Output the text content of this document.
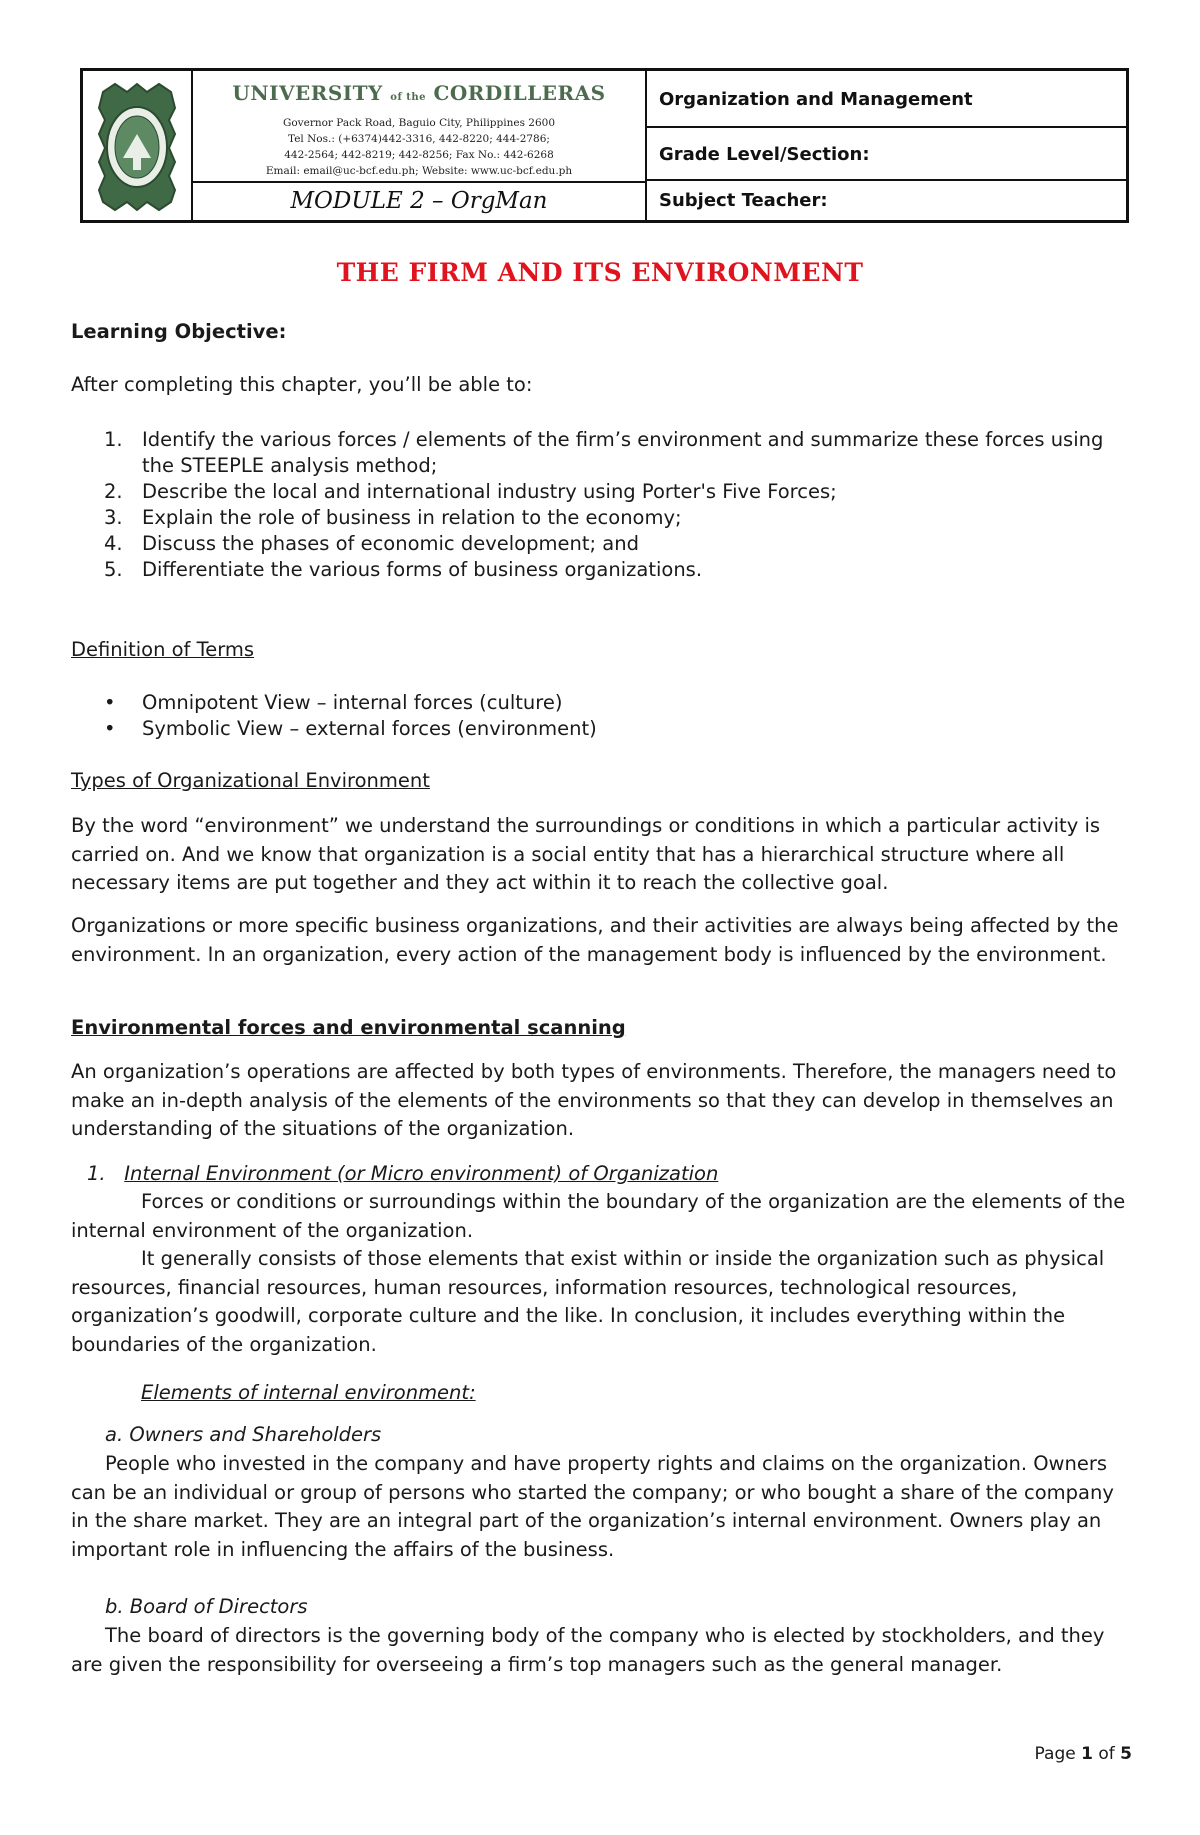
UNIVERSITY of the CORDILLERAS
Governor Pack Road, Baguio City, Philippines 2600
Tel Nos.: (+6374)442-3316, 442-8220; 444-2786;
442-2564; 442-8219; 442-8256; Fax No.: 442-6268
Email: email@uc-bcf.edu.ph; Website: www.uc-bcf.edu.ph
MODULE 2 – OrgMan
Organization and Management
Grade Level/Section:
Subject Teacher:
THE FIRM AND ITS ENVIRONMENT

Learning Objective:

After completing this chapter, you’ll be able to:

1. Identify the various forces / elements of the firm’s environment and summarize these forces using the STEEPLE analysis method;
2. Describe the local and international industry using Porter's Five Forces;
3. Explain the role of business in relation to the economy;
4. Discuss the phases of economic development; and
5. Differentiate the various forms of business organizations.

Definition of Terms

• Omnipotent View – internal forces (culture)
• Symbolic View – external forces (environment)

Types of Organizational Environment

By the word “environment” we understand the surroundings or conditions in which a particular activity is carried on. And we know that organization is a social entity that has a hierarchical structure where all necessary items are put together and they act within it to reach the collective goal.

Organizations or more specific business organizations, and their activities are always being affected by the environment. In an organization, every action of the management body is influenced by the environment.

Environmental forces and environmental scanning

An organization’s operations are affected by both types of environments. Therefore, the managers need to make an in-depth analysis of the elements of the environments so that they can develop in themselves an understanding of the situations of the organization.

1. Internal Environment (or Micro environment) of Organization

Forces or conditions or surroundings within the boundary of the organization are the elements of the internal environment of the organization.

It generally consists of those elements that exist within or inside the organization such as physical resources, financial resources, human resources, information resources, technological resources, organization’s goodwill, corporate culture and the like. In conclusion, it includes everything within the boundaries of the organization.

Elements of internal environment:

a. Owners and Shareholders

People who invested in the company and have property rights and claims on the organization. Owners can be an individual or group of persons who started the company; or who bought a share of the company in the share market. They are an integral part of the organization’s internal environment. Owners play an important role in influencing the affairs of the business.

b. Board of Directors

The board of directors is the governing body of the company who is elected by stockholders, and they are given the responsibility for overseeing a firm’s top managers such as the general manager.

Page 1 of 5
